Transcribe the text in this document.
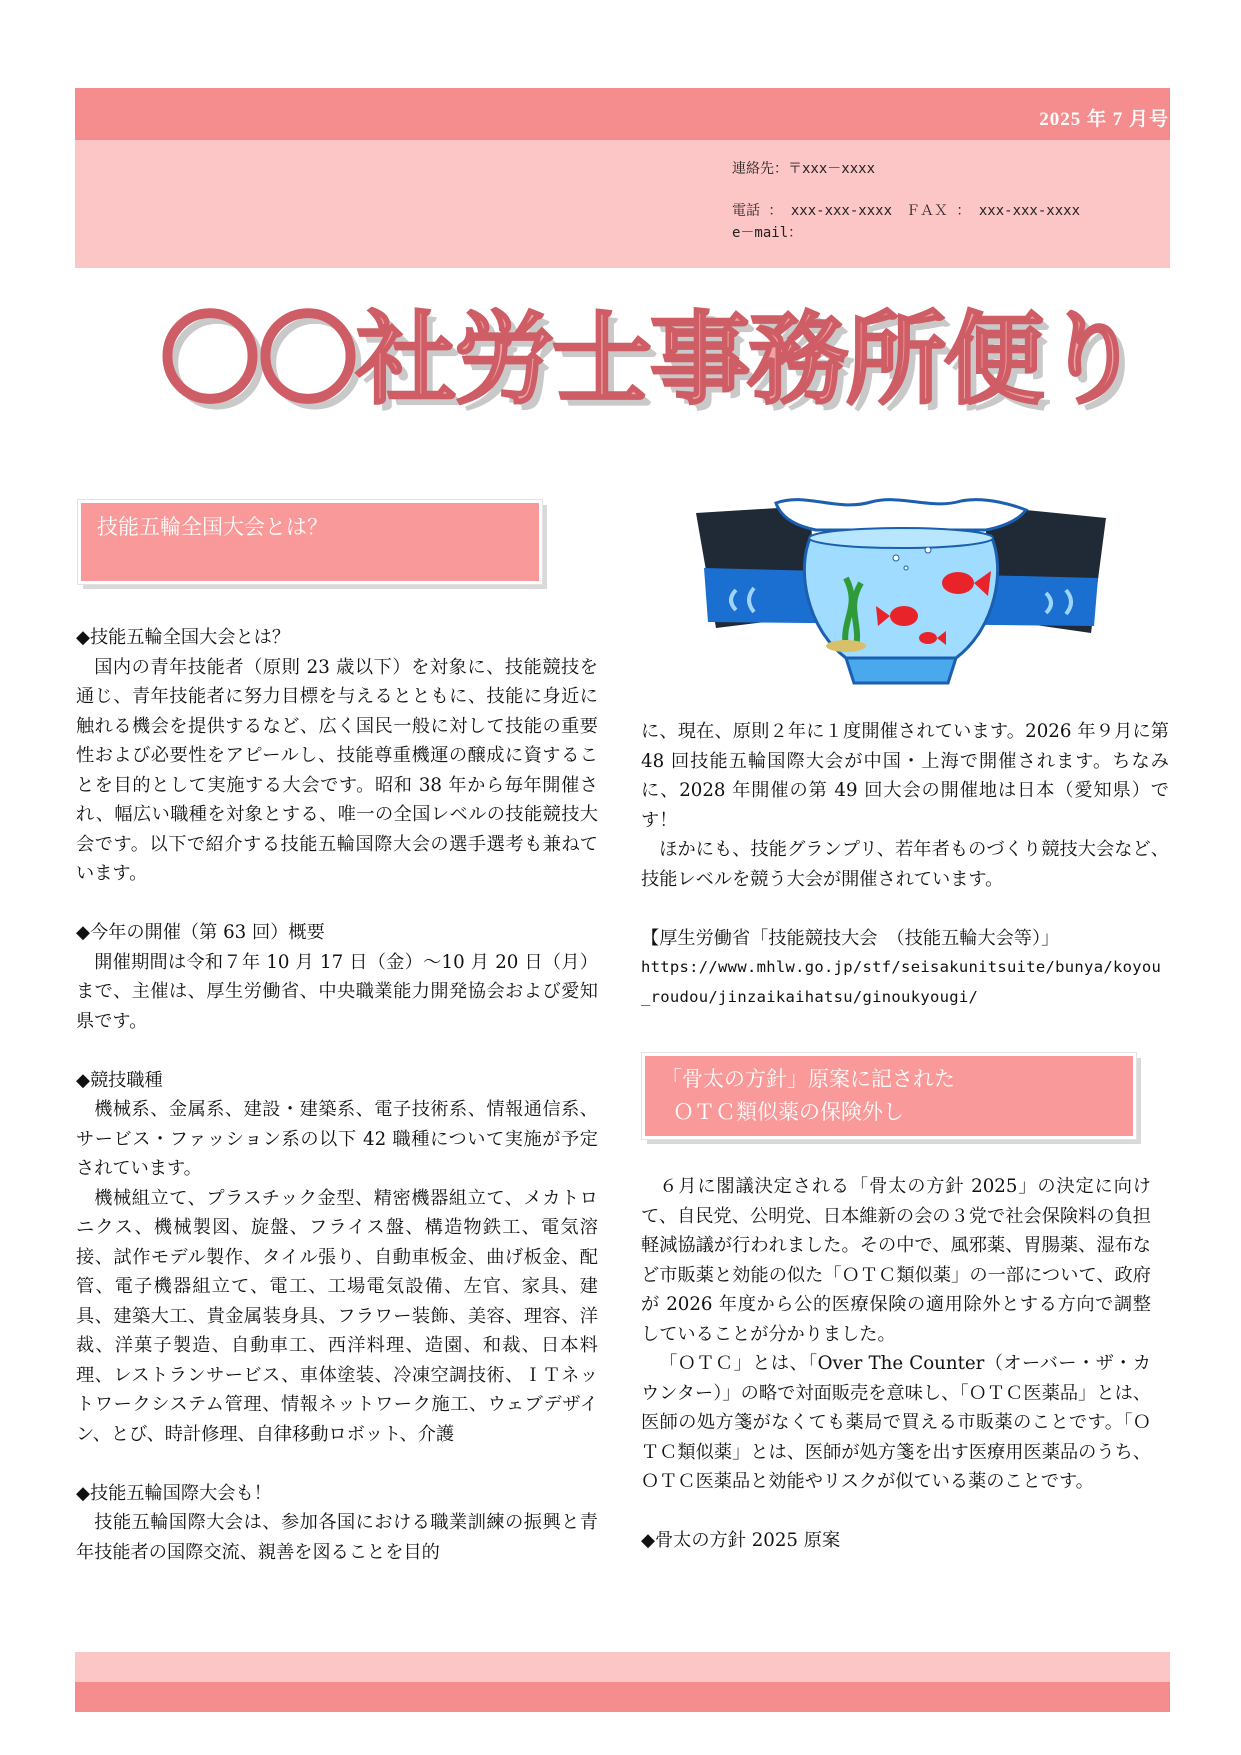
2025 年 7 月号
連絡先：〒xxx－xxxx
電話 ： xxx-xxx-xxxx　ＦＡＸ ： xxx-xxx-xxxx
e－mail：
〇〇社労士事務所便り
技能五輪全国大会とは？

◆技能五輪全国大会とは？

国内の青年技能者（原則 23 歳以下）を対象に、技能競技を通じ、青年技能者に努力目標を与えるとともに、技能に身近に触れる機会を提供するなど、広く国民一般に対して技能の重要性および必要性をアピールし、技能尊重機運の醸成に資することを目的として実施する大会です。昭和 38 年から毎年開催され、幅広い職種を対象とする、唯一の全国レベルの技能競技大会です。以下で紹介する技能五輪国際大会の選手選考も兼ねています。

◆今年の開催（第 63 回）概要

開催期間は令和７年 10 月 17 日（金）～10 月 20 日（月）まで、主催は、厚生労働省、中央職業能力開発協会および愛知県です。

◆競技職種

機械系、金属系、建設・建築系、電子技術系、情報通信系、サービス・ファッション系の以下 42 職種について実施が予定されています。

機械組立て、プラスチック金型、精密機器組立て、メカトロニクス、機械製図、旋盤、フライス盤、構造物鉄工、電気溶接、試作モデル製作、タイル張り、自動車板金、曲げ板金、配管、電子機器組立て、電工、工場電気設備、左官、家具、建具、建築大工、貴金属装身具、フラワー装飾、美容、理容、洋裁、洋菓子製造、自動車工、西洋料理、造園、和裁、日本料理、レストランサービス、車体塗装、冷凍空調技術、ＩＴネットワークシステム管理、情報ネットワーク施工、ウェブデザイン、とび、時計修理、自律移動ロボット、介護

◆技能五輪国際大会も！

技能五輪国際大会は、参加各国における職業訓練の振興と青年技能者の国際交流、親善を図ることを目的

に、現在、原則２年に１度開催されています。2026 年９月に第 48 回技能五輪国際大会が中国・上海で開催されます。ちなみに、2028 年開催の第 49 回大会の開催地は日本（愛知県）です！

ほかにも、技能グランプリ、若年者ものづくり競技大会など、技能レベルを競う大会が開催されています。

【厚生労働省「技能競技大会　（技能五輪大会等）」

https://www.mhlw.go.jp/stf/seisakunitsuite/bunya/koyou_roudou/jinzaikaihatsu/ginoukyougi/

「骨太の方針」原案に記された
ＯＴＣ類似薬の保険外し

６月に閣議決定される「骨太の方針 2025」の決定に向けて、自民党、公明党、日本維新の会の３党で社会保険料の負担軽減協議が行われました。その中で、風邪薬、胃腸薬、湿布など市販薬と効能の似た「ＯＴＣ類似薬」の一部について、政府が 2026 年度から公的医療保険の適用除外とする方向で調整していることが分かりました。

「ＯＴＣ」とは、「Over The Counter（オーバー・ザ・カウンター）」の略で対面販売を意味し、「ＯＴＣ医薬品」とは、医師の処方箋がなくても薬局で買える市販薬のことです。「ＯＴＣ類似薬」とは、医師が処方箋を出す医療用医薬品のうち、ＯＴＣ医薬品と効能やリスクが似ている薬のことです。

◆骨太の方針 2025 原案
